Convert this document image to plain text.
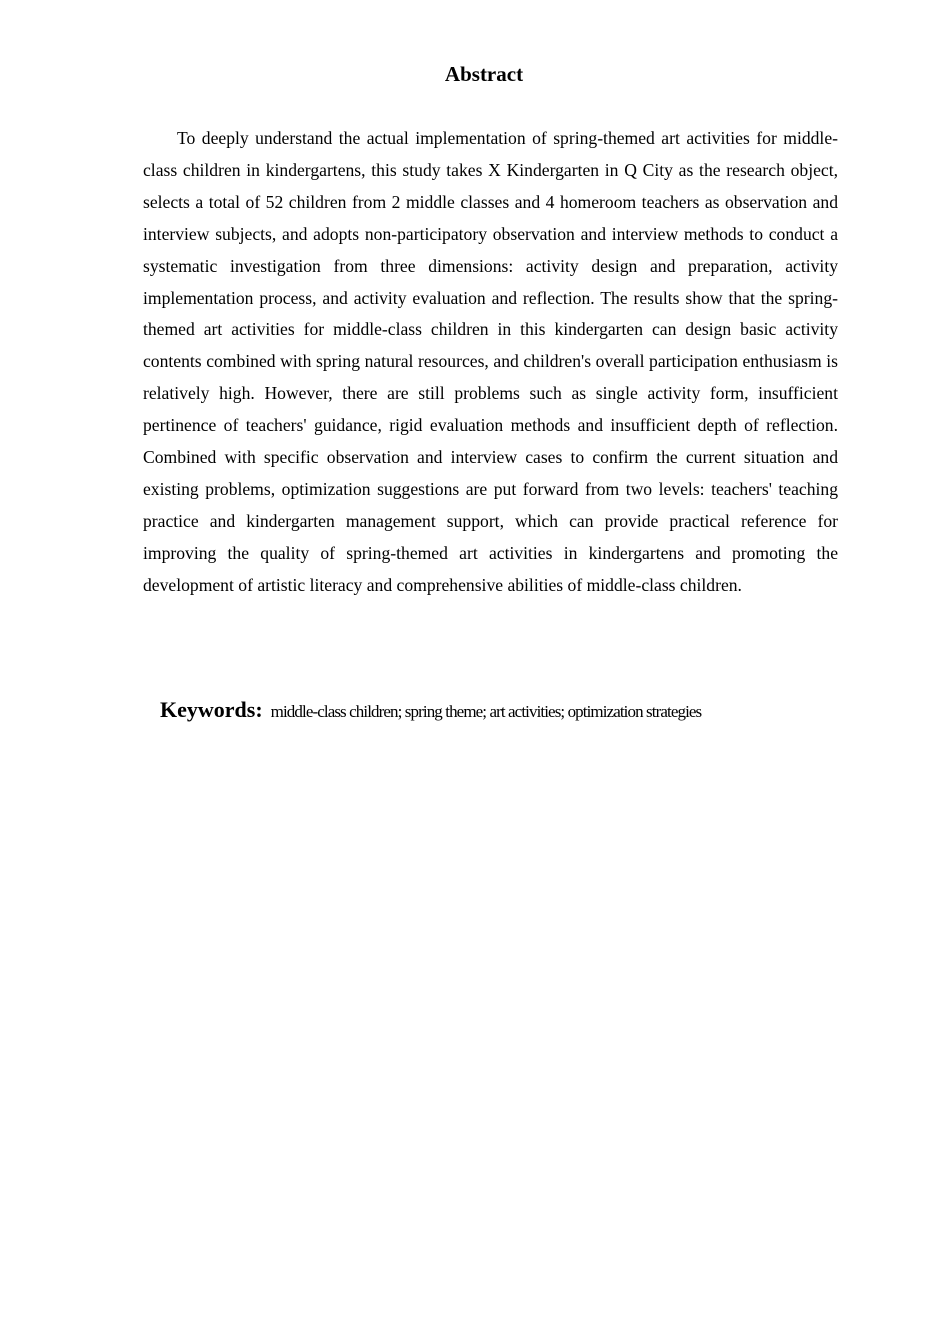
Abstract

To deeply understand the actual implementation of spring-themed art activities for middle-class children in kindergartens, this study takes X Kindergarten in Q City as the research object, selects a total of 52 children from 2 middle classes and 4 homeroom teachers as observation and interview subjects, and adopts non-participatory observation and interview methods to conduct a systematic investigation from three dimensions: activity design and preparation, activity implementation process, and activity evaluation and reflection. The results show that the spring-themed art activities for middle-class children in this kindergarten can design basic activity contents combined with spring natural resources, and children's overall participation enthusiasm is relatively high. However, there are still problems such as single activity form, insufficient pertinence of teachers' guidance, rigid evaluation methods and insufficient depth of reflection. Combined with specific observation and interview cases to confirm the current situation and existing problems, optimization suggestions are put forward from two levels: teachers' teaching practice and kindergarten management support, which can provide practical reference for improving the quality of spring-themed art activities in kindergartens and promoting the development of artistic literacy and comprehensive abilities of middle-class children.

Keywords: middle-class children; spring theme; art activities; optimization strategies
